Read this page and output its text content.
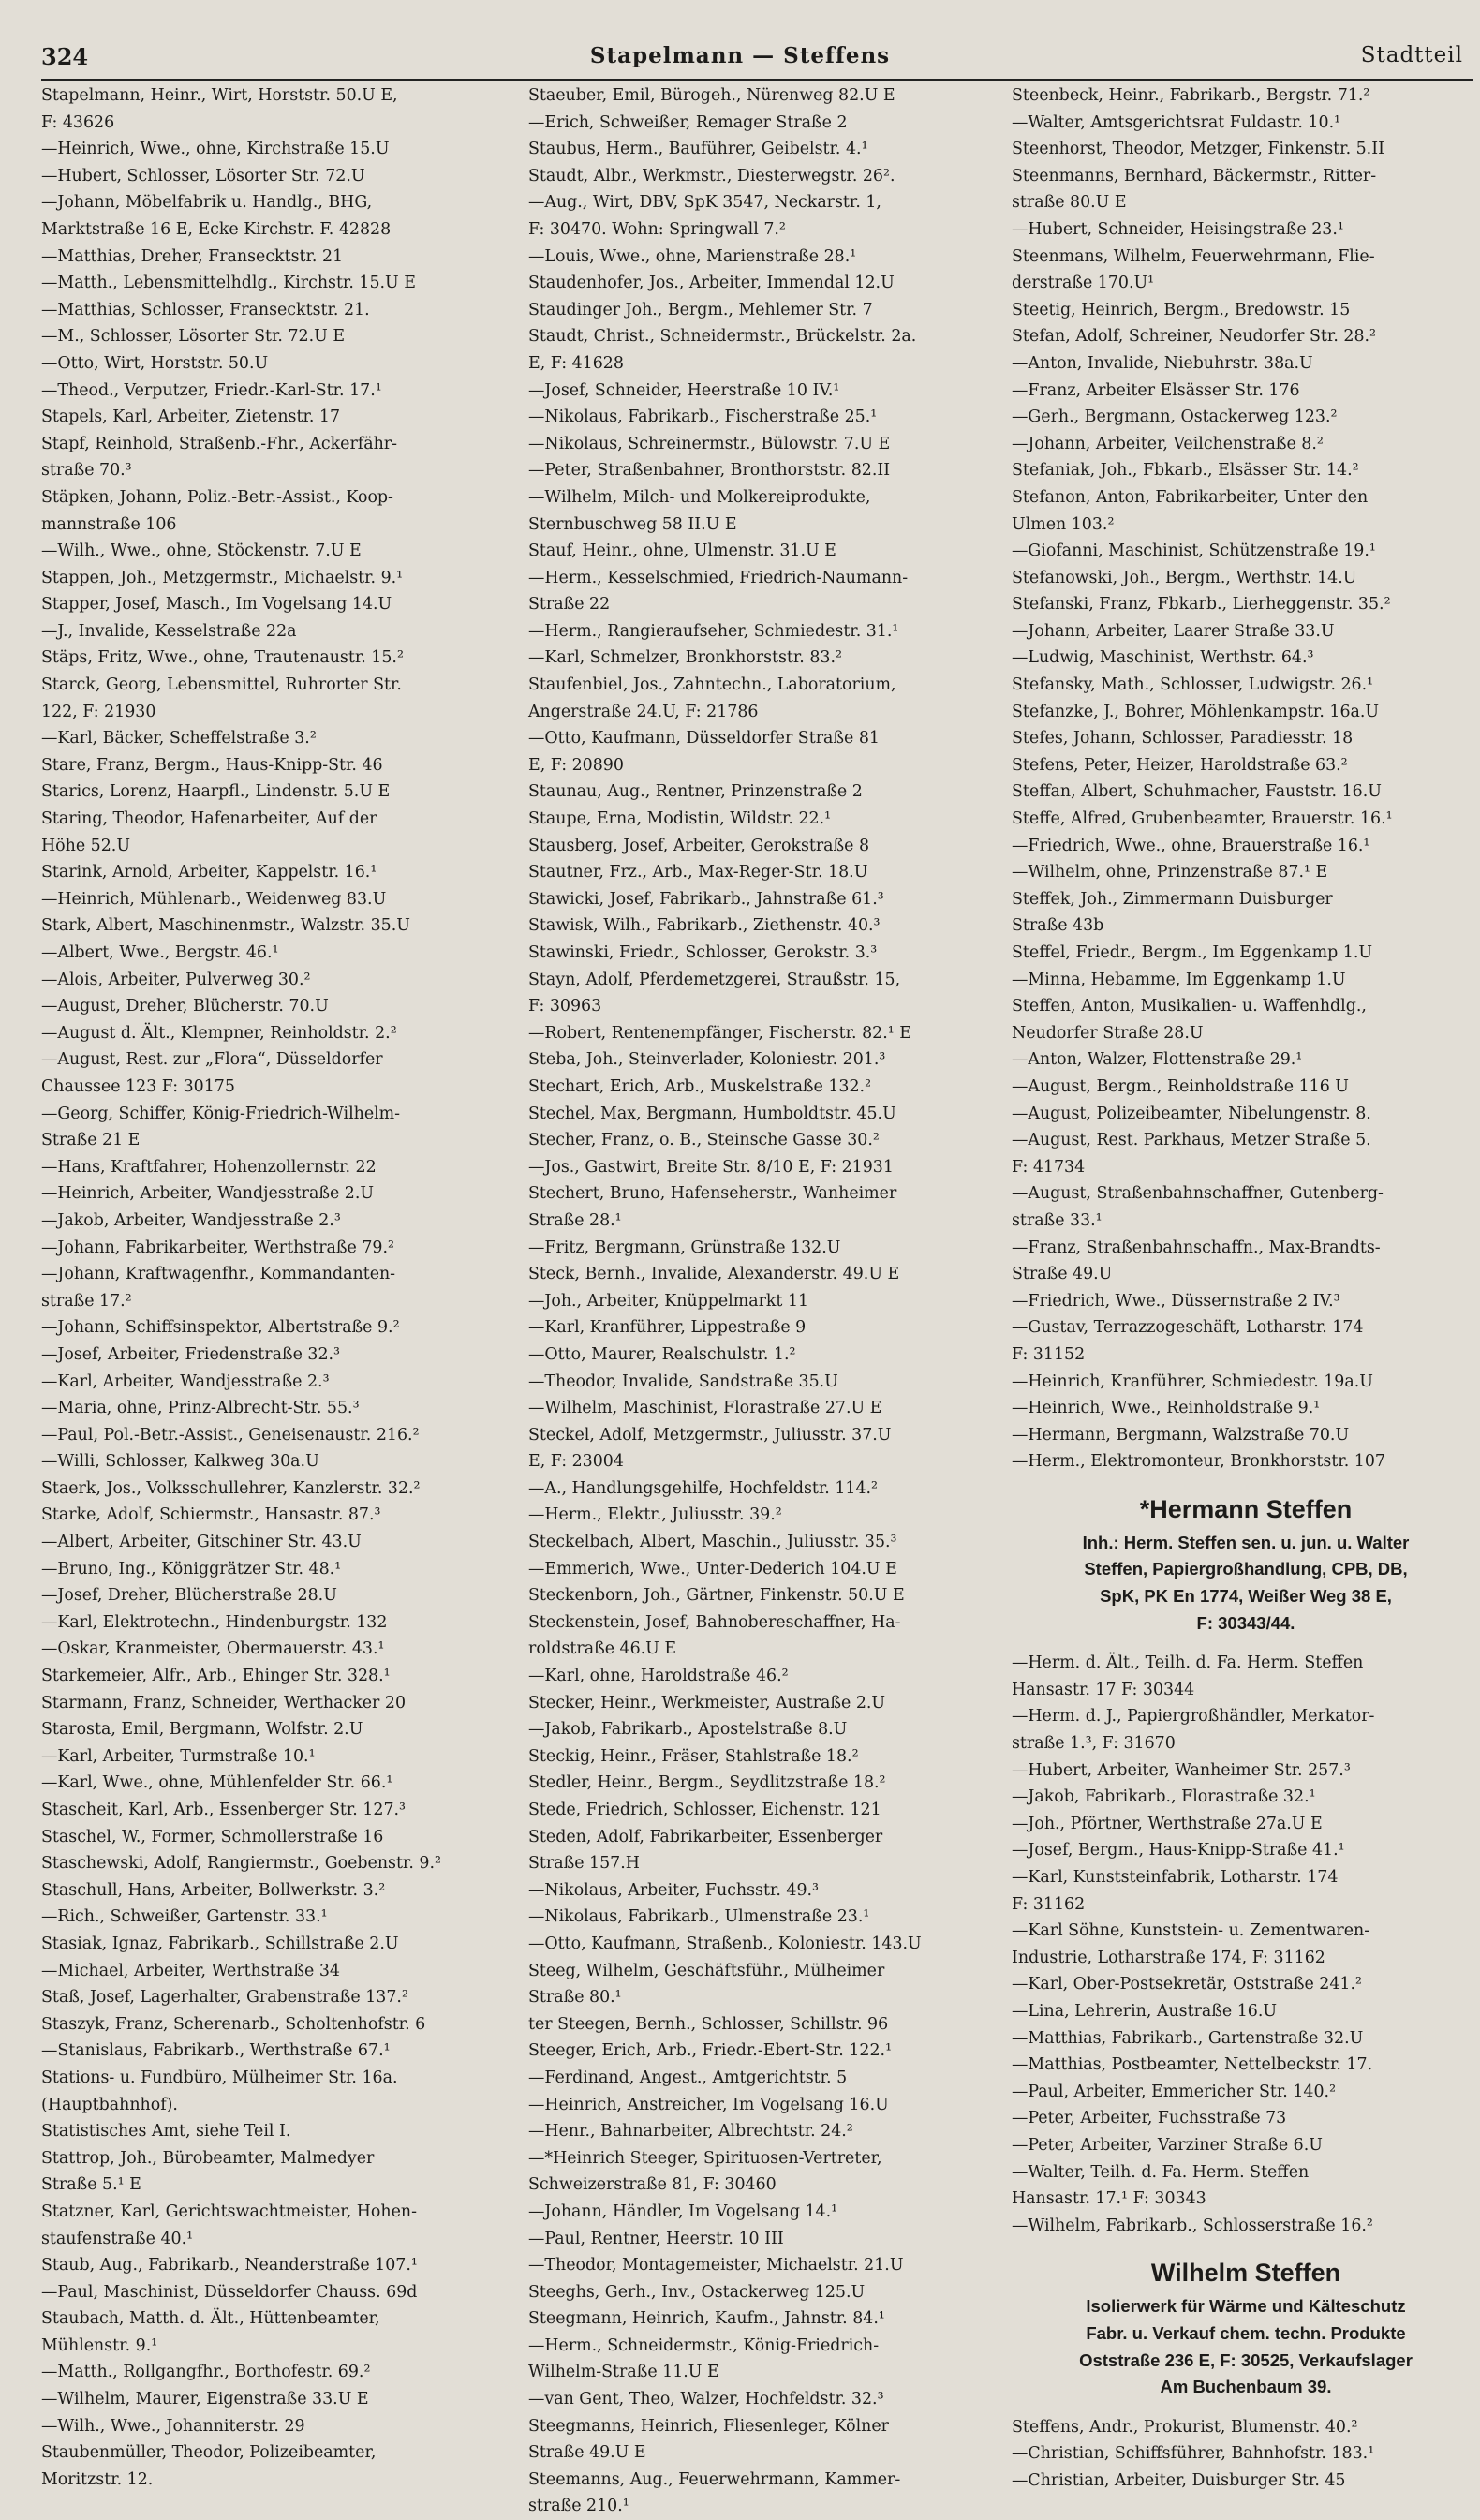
324	Stapelmann — Steffens	Stadtteil
Stapelmann, Heinr., Wirt, Horststr. 50.U E,
F: 43626
—Heinrich, Wwe., ohne, Kirchstraße 15.U
—Hubert, Schlosser, Lösorter Str. 72.U
—Johann, Möbelfabrik u. Handlg., BHG,
Marktstraße 16 E, Ecke Kirchstr. F. 42828
—Matthias, Dreher, Fransecktstr. 21
—Matth., Lebensmittelhdlg., Kirchstr. 15.U E
—Matthias, Schlosser, Fransecktstr. 21.
—M., Schlosser, Lösorter Str. 72.U E
—Otto, Wirt, Horststr. 50.U
—Theod., Verputzer, Friedr.-Karl-Str. 17.¹
Stapels, Karl, Arbeiter, Zietenstr. 17
Stapf, Reinhold, Straßenb.-Fhr., Ackerfähr-
straße 70.³
Stäpken, Johann, Poliz.-Betr.-Assist., Koop-
mannstraße 106
—Wilh., Wwe., ohne, Stöckenstr. 7.U E
Stappen, Joh., Metzgermstr., Michaelstr. 9.¹
Stapper, Josef, Masch., Im Vogelsang 14.U
—J., Invalide, Kesselstraße 22a
Stäps, Fritz, Wwe., ohne, Trautenaustr. 15.²
Starck, Georg, Lebensmittel, Ruhrorter Str.
122, F: 21930
—Karl, Bäcker, Scheffelstraße 3.²
Stare, Franz, Bergm., Haus-Knipp-Str. 46
Starics, Lorenz, Haarpfl., Lindenstr. 5.U E
Staring, Theodor, Hafenarbeiter, Auf der
Höhe 52.U
Starink, Arnold, Arbeiter, Kappelstr. 16.¹
—Heinrich, Mühlenarb., Weidenweg 83.U
Stark, Albert, Maschinenmstr., Walzstr. 35.U
—Albert, Wwe., Bergstr. 46.¹
—Alois, Arbeiter, Pulverweg 30.²
—August, Dreher, Blücherstr. 70.U
—August d. Ält., Klempner, Reinholdstr. 2.²
—August, Rest. zur „Flora“, Düsseldorfer
Chaussee 123 F: 30175
—Georg, Schiffer, König-Friedrich-Wilhelm-
Straße 21 E
—Hans, Kraftfahrer, Hohenzollernstr. 22
—Heinrich, Arbeiter, Wandjesstraße 2.U
—Jakob, Arbeiter, Wandjesstraße 2.³
—Johann, Fabrikarbeiter, Werthstraße 79.²
—Johann, Kraftwagenfhr., Kommandanten-
straße 17.²
—Johann, Schiffsinspektor, Albertstraße 9.²
—Josef, Arbeiter, Friedenstraße 32.³
—Karl, Arbeiter, Wandjesstraße 2.³
—Maria, ohne, Prinz-Albrecht-Str. 55.³
—Paul, Pol.-Betr.-Assist., Geneisenaustr. 216.²
—Willi, Schlosser, Kalkweg 30a.U
Staerk, Jos., Volksschullehrer, Kanzlerstr. 32.²
Starke, Adolf, Schiermstr., Hansastr. 87.³
—Albert, Arbeiter, Gitschiner Str. 43.U
—Bruno, Ing., Königgrätzer Str. 48.¹
—Josef, Dreher, Blücherstraße 28.U
—Karl, Elektrotechn., Hindenburgstr. 132
—Oskar, Kranmeister, Obermauerstr. 43.¹
Starkemeier, Alfr., Arb., Ehinger Str. 328.¹
Starmann, Franz, Schneider, Werthacker 20
Starosta, Emil, Bergmann, Wolfstr. 2.U
—Karl, Arbeiter, Turmstraße 10.¹
—Karl, Wwe., ohne, Mühlenfelder Str. 66.¹
Stascheit, Karl, Arb., Essenberger Str. 127.³
Staschel, W., Former, Schmollerstraße 16
Staschewski, Adolf, Rangiermstr., Goebenstr. 9.²
Staschull, Hans, Arbeiter, Bollwerkstr. 3.²
—Rich., Schweißer, Gartenstr. 33.¹
Stasiak, Ignaz, Fabrikarb., Schillstraße 2.U
—Michael, Arbeiter, Werthstraße 34
Staß, Josef, Lagerhalter, Grabenstraße 137.²
Staszyk, Franz, Scherenarb., Scholtenhofstr. 6
—Stanislaus, Fabrikarb., Werthstraße 67.¹
Stations- u. Fundbüro, Mülheimer Str. 16a.
(Hauptbahnhof).
Statistisches Amt, siehe Teil I.
Stattrop, Joh., Bürobeamter, Malmedyer
Straße 5.¹ E
Statzner, Karl, Gerichtswachtmeister, Hohen-
staufenstraße 40.¹
Staub, Aug., Fabrikarb., Neanderstraße 107.¹
—Paul, Maschinist, Düsseldorfer Chauss. 69d
Staubach, Matth. d. Ält., Hüttenbeamter,
Mühlenstr. 9.¹
—Matth., Rollgangfhr., Borthofestr. 69.²
—Wilhelm, Maurer, Eigenstraße 33.U E
—Wilh., Wwe., Johanniterstr. 29
Staubenmüller, Theodor, Polizeibeamter,
Moritzstr. 12.
Staeuber, Emil, Bürogeh., Nürenweg 82.U E
—Erich, Schweißer, Remager Straße 2
Staubus, Herm., Bauführer, Geibelstr. 4.¹
Staudt, Albr., Werkmstr., Diesterwegstr. 26².
—Aug., Wirt, DBV, SpK 3547, Neckarstr. 1,
F: 30470. Wohn: Springwall 7.²
—Louis, Wwe., ohne, Marienstraße 28.¹
Staudenhofer, Jos., Arbeiter, Immendal 12.U
Staudinger Joh., Bergm., Mehlemer Str. 7
Staudt, Christ., Schneidermstr., Brückelstr. 2a.
E, F: 41628
—Josef, Schneider, Heerstraße 10 IV.¹
—Nikolaus, Fabrikarb., Fischerstraße 25.¹
—Nikolaus, Schreinermstr., Bülowstr. 7.U E
—Peter, Straßenbahner, Bronthorststr. 82.II
—Wilhelm, Milch- und Molkereiprodukte,
Sternbuschweg 58 II.U E
Stauf, Heinr., ohne, Ulmenstr. 31.U E
—Herm., Kesselschmied, Friedrich-Naumann-
Straße 22
—Herm., Rangieraufseher, Schmiedestr. 31.¹
—Karl, Schmelzer, Bronkhorststr. 83.²
Staufenbiel, Jos., Zahntechn., Laboratorium,
Angerstraße 24.U, F: 21786
—Otto, Kaufmann, Düsseldorfer Straße 81
E, F: 20890
Staunau, Aug., Rentner, Prinzenstraße 2
Staupe, Erna, Modistin, Wildstr. 22.¹
Stausberg, Josef, Arbeiter, Gerokstraße 8
Stautner, Frz., Arb., Max-Reger-Str. 18.U
Stawicki, Josef, Fabrikarb., Jahnstraße 61.³
Stawisk, Wilh., Fabrikarb., Ziethenstr. 40.³
Stawinski, Friedr., Schlosser, Gerokstr. 3.³
Stayn, Adolf, Pferdemetzgerei, Straußstr. 15,
F: 30963
—Robert, Rentenempfänger, Fischerstr. 82.¹ E
Steba, Joh., Steinverlader, Koloniestr. 201.³
Stechart, Erich, Arb., Muskelstraße 132.²
Stechel, Max, Bergmann, Humboldtstr. 45.U
Stecher, Franz, o. B., Steinsche Gasse 30.²
—Jos., Gastwirt, Breite Str. 8/10 E, F: 21931
Stechert, Bruno, Hafenseherstr., Wanheimer
Straße 28.¹
—Fritz, Bergmann, Grünstraße 132.U
Steck, Bernh., Invalide, Alexanderstr. 49.U E
—Joh., Arbeiter, Knüppelmarkt 11
—Karl, Kranführer, Lippestraße 9
—Otto, Maurer, Realschulstr. 1.²
—Theodor, Invalide, Sandstraße 35.U
—Wilhelm, Maschinist, Florastraße 27.U E
Steckel, Adolf, Metzgermstr., Juliusstr. 37.U
E, F: 23004
—A., Handlungsgehilfe, Hochfeldstr. 114.²
—Herm., Elektr., Juliusstr. 39.²
Steckelbach, Albert, Maschin., Juliusstr. 35.³
—Emmerich, Wwe., Unter-Dederich 104.U E
Steckenborn, Joh., Gärtner, Finkenstr. 50.U E
Steckenstein, Josef, Bahnobereschaffner, Ha-
roldstraße 46.U E
—Karl, ohne, Haroldstraße 46.²
Stecker, Heinr., Werkmeister, Austraße 2.U
—Jakob, Fabrikarb., Apostelstraße 8.U
Steckig, Heinr., Fräser, Stahlstraße 18.²
Stedler, Heinr., Bergm., Seydlitzstraße 18.²
Stede, Friedrich, Schlosser, Eichenstr. 121
Steden, Adolf, Fabrikarbeiter, Essenberger
Straße 157.H
—Nikolaus, Arbeiter, Fuchsstr. 49.³
—Nikolaus, Fabrikarb., Ulmenstraße 23.¹
—Otto, Kaufmann, Straßenb., Koloniestr. 143.U
Steeg, Wilhelm, Geschäftsführ., Mülheimer
Straße 80.¹
ter Steegen, Bernh., Schlosser, Schillstr. 96
Steeger, Erich, Arb., Friedr.-Ebert-Str. 122.¹
—Ferdinand, Angest., Amtgerichtstr. 5
—Heinrich, Anstreicher, Im Vogelsang 16.U
—Henr., Bahnarbeiter, Albrechtstr. 24.²
—*Heinrich Steeger, Spirituosen-Vertreter,
Schweizerstraße 81, F: 30460
—Johann, Händler, Im Vogelsang 14.¹
—Paul, Rentner, Heerstr. 10 III
—Theodor, Montagemeister, Michaelstr. 21.U
Steeghs, Gerh., Inv., Ostackerweg 125.U
Steegmann, Heinrich, Kaufm., Jahnstr. 84.¹
—Herm., Schneidermstr., König-Friedrich-
Wilhelm-Straße 11.U E
—van Gent, Theo, Walzer, Hochfeldstr. 32.³
Steegmanns, Heinrich, Fliesenleger, Kölner
Straße 49.U E
Steemanns, Aug., Feuerwehrmann, Kammer-
straße 210.¹
Steenbeck, Heinr., Fabrikarb., Bergstr. 71.²
—Walter, Amtsgerichtsrat Fuldastr. 10.¹
Steenhorst, Theodor, Metzger, Finkenstr. 5.II
Steenmanns, Bernhard, Bäckermstr., Ritter-
straße 80.U E
—Hubert, Schneider, Heisingstraße 23.¹
Steenmans, Wilhelm, Feuerwehrmann, Flie-
derstraße 170.U¹
Steetig, Heinrich, Bergm., Bredowstr. 15
Stefan, Adolf, Schreiner, Neudorfer Str. 28.²
—Anton, Invalide, Niebuhrstr. 38a.U
—Franz, Arbeiter Elsässer Str. 176
—Gerh., Bergmann, Ostackerweg 123.²
—Johann, Arbeiter, Veilchenstraße 8.²
Stefaniak, Joh., Fbkarb., Elsässer Str. 14.²
Stefanon, Anton, Fabrikarbeiter, Unter den
Ulmen 103.²
—Giofanni, Maschinist, Schützenstraße 19.¹
Stefanowski, Joh., Bergm., Werthstr. 14.U
Stefanski, Franz, Fbkarb., Lierheggenstr. 35.²
—Johann, Arbeiter, Laarer Straße 33.U
—Ludwig, Maschinist, Werthstr. 64.³
Stefansky, Math., Schlosser, Ludwigstr. 26.¹
Stefanzke, J., Bohrer, Möhlenkampstr. 16a.U
Stefes, Johann, Schlosser, Paradiesstr. 18
Stefens, Peter, Heizer, Haroldstraße 63.²
Steffan, Albert, Schuhmacher, Fauststr. 16.U
Steffe, Alfred, Grubenbeamter, Brauerstr. 16.¹
—Friedrich, Wwe., ohne, Brauerstraße 16.¹
—Wilhelm, ohne, Prinzenstraße 87.¹ E
Steffek, Joh., Zimmermann Duisburger
Straße 43b
Steffel, Friedr., Bergm., Im Eggenkamp 1.U
—Minna, Hebamme, Im Eggenkamp 1.U
Steffen, Anton, Musikalien- u. Waffenhdlg.,
Neudorfer Straße 28.U
—Anton, Walzer, Flottenstraße 29.¹
—August, Bergm., Reinholdstraße 116 U
—August, Polizeibeamter, Nibelungenstr. 8.
—August, Rest. Parkhaus, Metzer Straße 5.
F: 41734
—August, Straßenbahnschaffner, Gutenberg-
straße 33.¹
—Franz, Straßenbahnschaffn., Max-Brandts-
Straße 49.U
—Friedrich, Wwe., Düssernstraße 2 IV.³
—Gustav, Terrazzogeschäft, Lotharstr. 174
F: 31152
—Heinrich, Kranführer, Schmiedestr. 19a.U
—Heinrich, Wwe., Reinholdstraße 9.¹
—Hermann, Bergmann, Walzstraße 70.U
—Herm., Elektromonteur, Bronkhorststr. 107
*Hermann Steffen
Inh.: Herm. Steffen sen. u. jun. u. Walter
Steffen, Papiergroßhandlung, CPB, DB,
SpK, PK En 1774, Weißer Weg 38 E,
F: 30343/44.
—Herm. d. Ält., Teilh. d. Fa. Herm. Steffen
Hansastr. 17 F: 30344
—Herm. d. J., Papiergroßhändler, Merkator-
straße 1.³, F: 31670
—Hubert, Arbeiter, Wanheimer Str. 257.³
—Jakob, Fabrikarb., Florastraße 32.¹
—Joh., Pförtner, Werthstraße 27a.U E
—Josef, Bergm., Haus-Knipp-Straße 41.¹
—Karl, Kunststeinfabrik, Lotharstr. 174
F: 31162
—Karl Söhne, Kunststein- u. Zementwaren-
Industrie, Lotharstraße 174, F: 31162
—Karl, Ober-Postsekretär, Oststraße 241.²
—Lina, Lehrerin, Austraße 16.U
—Matthias, Fabrikarb., Gartenstraße 32.U
—Matthias, Postbeamter, Nettelbeckstr. 17.
—Paul, Arbeiter, Emmericher Str. 140.²
—Peter, Arbeiter, Fuchsstraße 73
—Peter, Arbeiter, Varziner Straße 6.U
—Walter, Teilh. d. Fa. Herm. Steffen
Hansastr. 17.¹ F: 30343
—Wilhelm, Fabrikarb., Schlosserstraße 16.²
Wilhelm Steffen
Isolierwerk für Wärme und Kälteschutz
Fabr. u. Verkauf chem. techn. Produkte
Oststraße 236 E, F: 30525, Verkaufslager
Am Buchenbaum 39.
Steffens, Andr., Prokurist, Blumenstr. 40.²
—Christian, Schiffsführer, Bahnhofstr. 183.¹
—Christian, Arbeiter, Duisburger Str. 45
